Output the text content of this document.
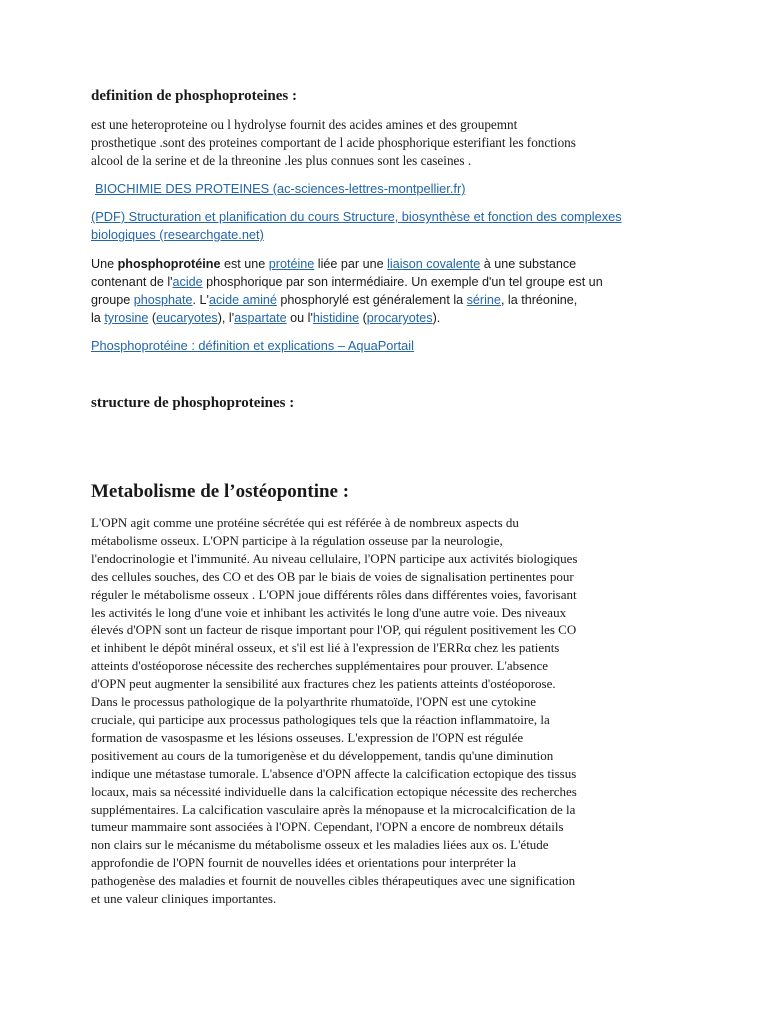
definition de phosphoproteines :
est une heteroproteine ou l hydrolyse fournit des acides amines et des groupemnt
prosthetique .sont des proteines comportant de l acide phosphorique esterifiant les fonctions
alcool de la serine et de la threonine .les plus connues sont les caseines .
BIOCHIMIE DES PROTEINES (ac-sciences-lettres-montpellier.fr)
(PDF) Structuration et planification du cours Structure, biosynthèse et fonction des complexes
biologiques (researchgate.net)
Une phosphoprotéine est une protéine liée par une liaison covalente à une substance
contenant de l'acide phosphorique par son intermédiaire. Un exemple d'un tel groupe est un
groupe phosphate. L'acide aminé phosphorylé est généralement la sérine, la thréonine,
la tyrosine (eucaryotes), l'aspartate ou l'histidine (procaryotes).
Phosphoprotéine : définition et explications – AquaPortail
structure de phosphoproteines :
Metabolisme de l’ostéopontine :
L'OPN agit comme une protéine sécrétée qui est référée à de nombreux aspects du
métabolisme osseux. L'OPN participe à la régulation osseuse par la neurologie,
l'endocrinologie et l'immunité. Au niveau cellulaire, l'OPN participe aux activités biologiques
des cellules souches, des CO et des OB par le biais de voies de signalisation pertinentes pour
réguler le métabolisme osseux . L'OPN joue différents rôles dans différentes voies, favorisant
les activités le long d'une voie et inhibant les activités le long d'une autre voie. Des niveaux
élevés d'OPN sont un facteur de risque important pour l'OP, qui régulent positivement les CO
et inhibent le dépôt minéral osseux, et s'il est lié à l'expression de l'ERRα chez les patients
atteints d'ostéoporose nécessite des recherches supplémentaires pour prouver. L'absence
d'OPN peut augmenter la sensibilité aux fractures chez les patients atteints d'ostéoporose.
Dans le processus pathologique de la polyarthrite rhumatoïde, l'OPN est une cytokine
cruciale, qui participe aux processus pathologiques tels que la réaction inflammatoire, la
formation de vasospasme et les lésions osseuses. L'expression de l'OPN est régulée
positivement au cours de la tumorigenèse et du développement, tandis qu'une diminution
indique une métastase tumorale. L'absence d'OPN affecte la calcification ectopique des tissus
locaux, mais sa nécessité individuelle dans la calcification ectopique nécessite des recherches
supplémentaires. La calcification vasculaire après la ménopause et la microcalcification de la
tumeur mammaire sont associées à l'OPN. Cependant, l'OPN a encore de nombreux détails
non clairs sur le mécanisme du métabolisme osseux et les maladies liées aux os. L'étude
approfondie de l'OPN fournit de nouvelles idées et orientations pour interpréter la
pathogenèse des maladies et fournit de nouvelles cibles thérapeutiques avec une signification
et une valeur cliniques importantes.
